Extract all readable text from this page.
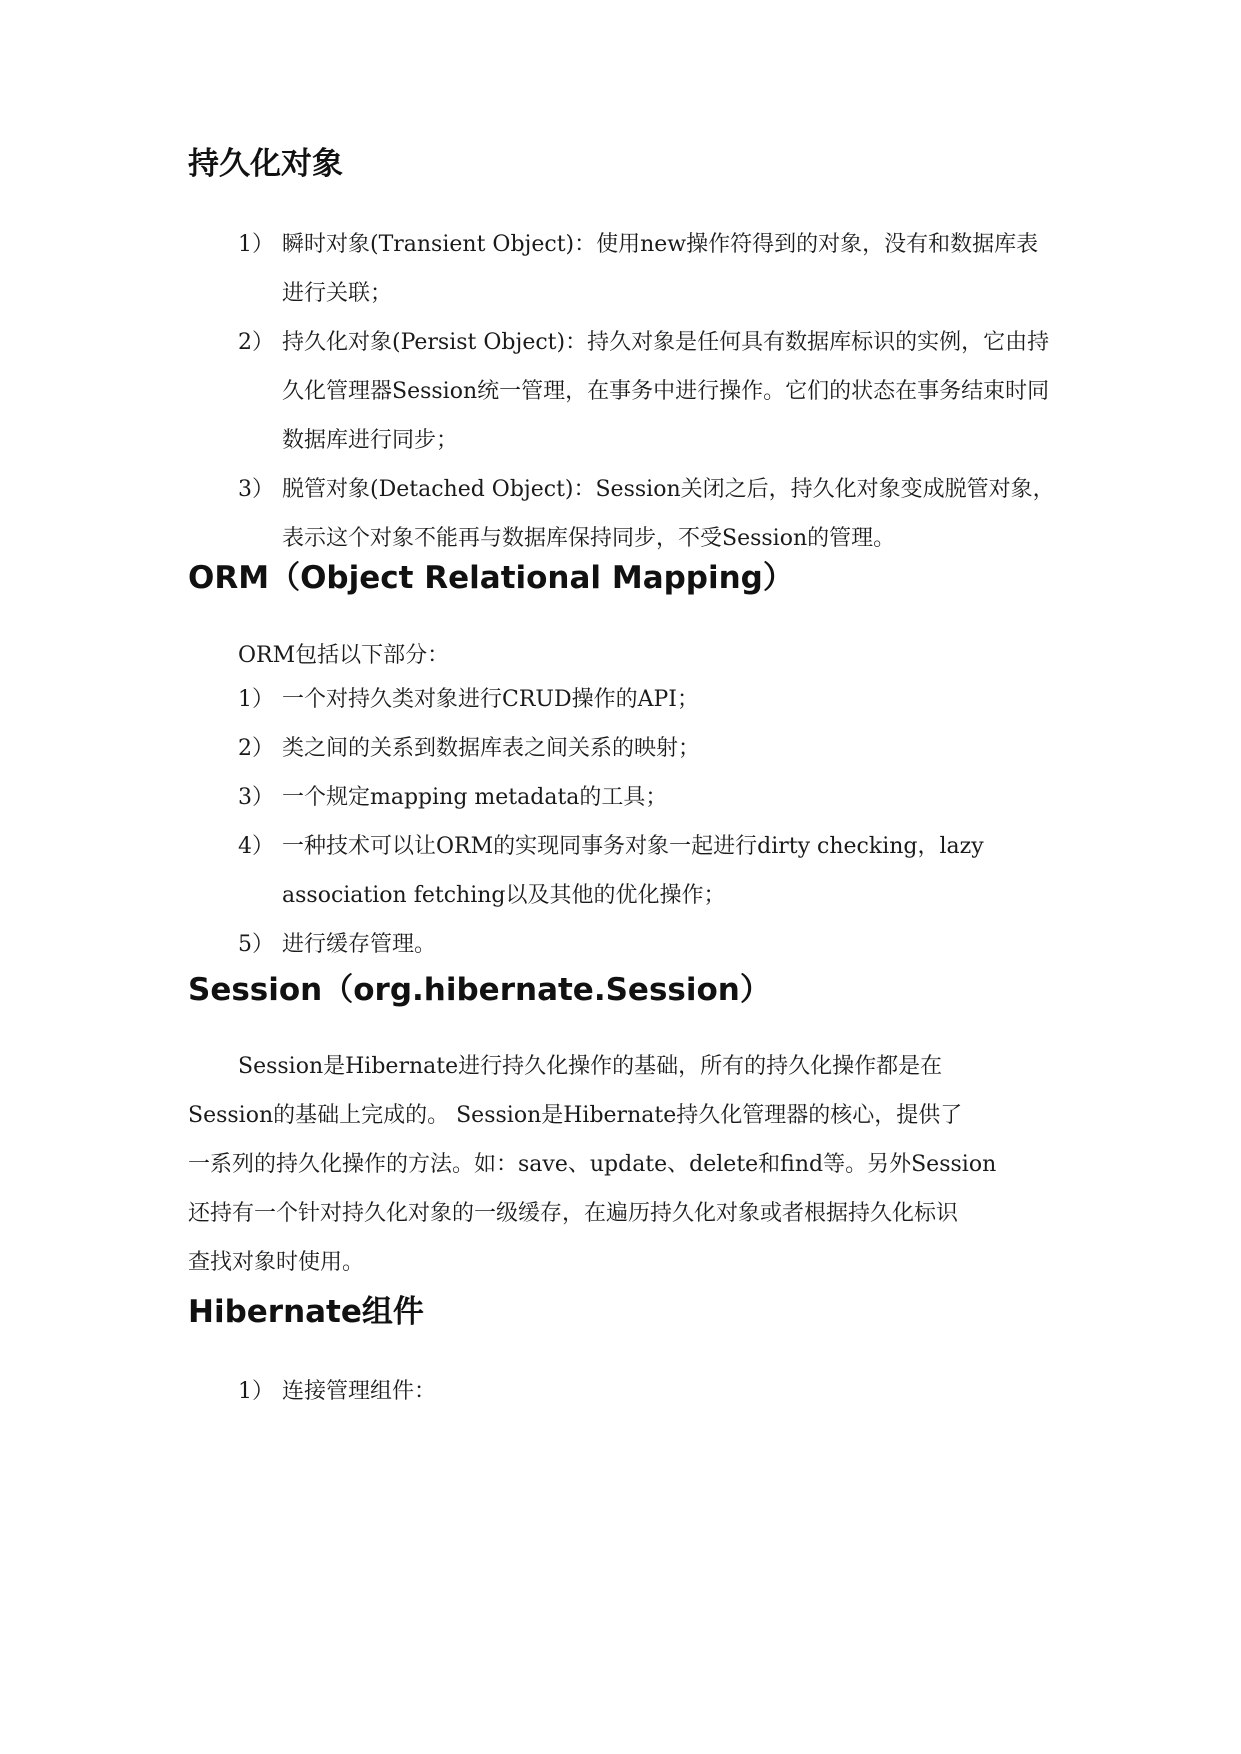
持久化对象
1） 瞬时对象(Transient Object)：使用new操作符得到的对象，没有和数据库表进行关联；
2） 持久化对象(Persist Object)：持久对象是任何具有数据库标识的实例，它由持久化管理器Session统一管理，在事务中进行操作。它们的状态在事务结束时同数据库进行同步；
3） 脱管对象(Detached Object)：Session关闭之后，持久化对象变成脱管对象，表示这个对象不能再与数据库保持同步，不受Session的管理。
ORM（Object Relational Mapping）

ORM包括以下部分：

1） 一个对持久类对象进行CRUD操作的API；
2） 类之间的关系到数据库表之间关系的映射；
3） 一个规定mapping metadata的工具；
4） 一种技术可以让ORM的实现同事务对象一起进行dirty checking，lazy association fetching以及其他的优化操作；
5） 进行缓存管理。
Session（org.hibernate.Session）

Session是Hibernate进行持久化操作的基础，所有的持久化操作都是在
Session的基础上完成的。 Session是Hibernate持久化管理器的核心，提供了
一系列的持久化操作的方法。如：save、update、delete和find等。另外Session
还持有一个针对持久化对象的一级缓存，在遍历持久化对象或者根据持久化标识
查找对象时使用。

Hibernate组件
1） 连接管理组件：
